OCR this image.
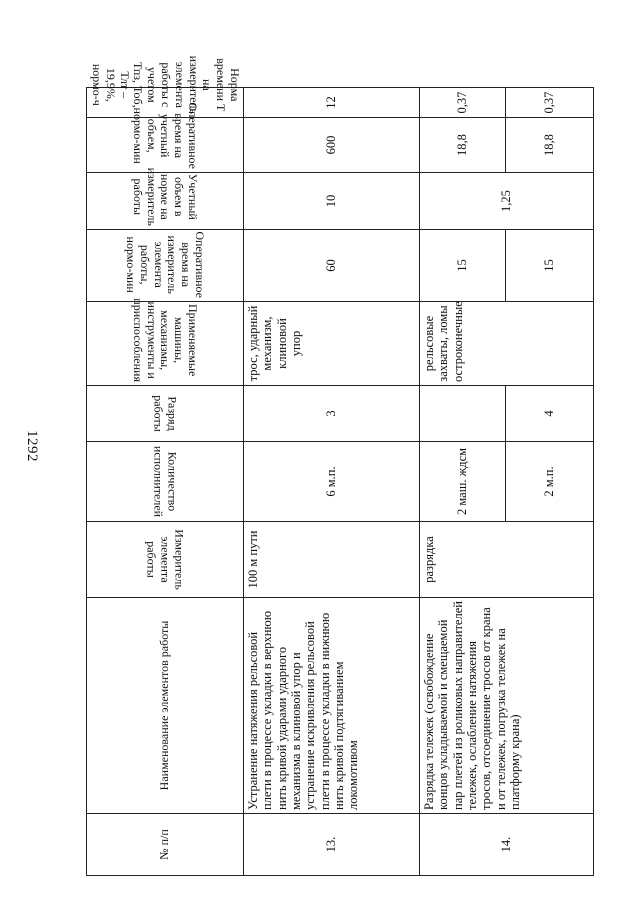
1292
№ п/п	Наименование элементов работы	Измеритель элемента работы	Количество исполнителей	Разряд работы	Применяемые машины, механизмы, инструменты и приспособления	Оперативное время на измеритель элемента работы, нормо-мин	Учетный объем в норме на измеритель работы	Оперативное время на учетный объем, нормо-мин	Норма времени Т на измеритель элемента работы с учетом Тпз, Тоб, Тлт – 19,9%, нормо-ч
13.	Устранение натяжения рельсовой плети в процессе укладки в верхнюю нить кривой ударами ударного механизма в клиновой упор и устранение искривления рельсовой плети в процессе укладки в нижнюю нить кривой подтягиванием локомотивом	100 м пути	6 м.п.	3	трос, ударный механизм, клиновой упор	60	10	600	12
14.	Разрядка тележек (освобождение концов укладываемой и смещаемой пар плетей из роликовых направителей тележек, ослабление натяжения тросов, отсоединение тросов от крана и от тележек, погрузка тележек на платформу крана)	разрядка	2 маш. ждсм		рельсовые захваты, ломы остроконечные	15	1,25	18,8	0,37
			2 м.п.	4		15		18,8	0,37
